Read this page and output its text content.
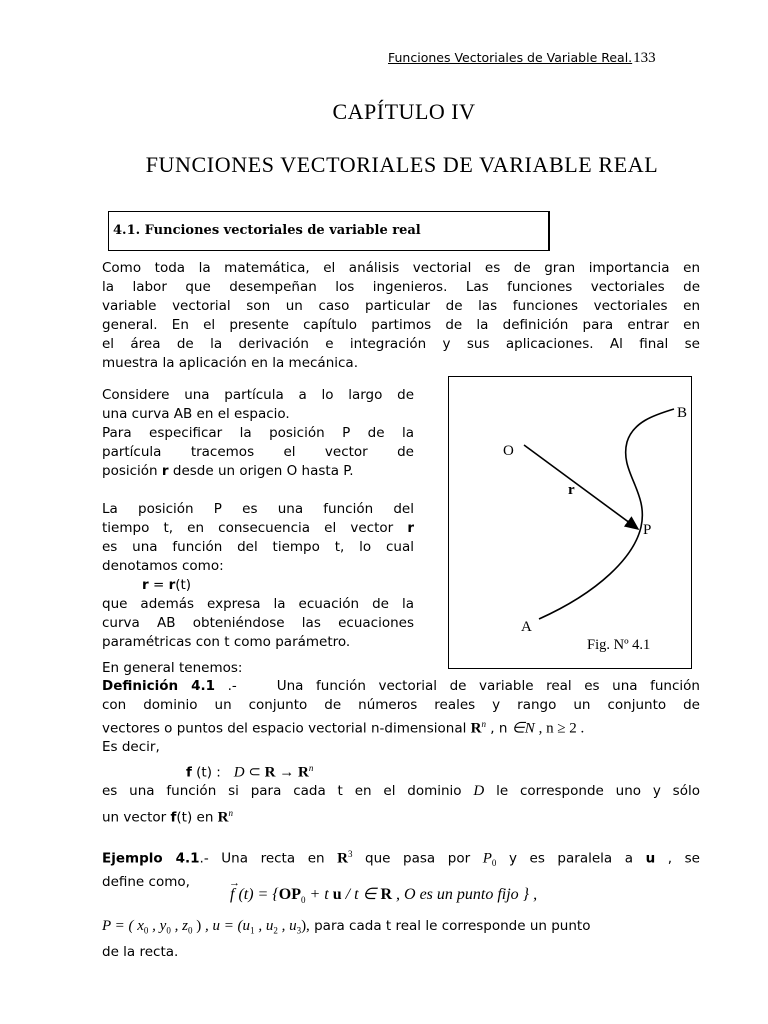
Funciones Vectoriales de Variable Real.133
CAPÍTULO IV
FUNCIONES VECTORIALES DE VARIABLE REAL
4.1. Funciones vectoriales de variable real
Como toda la matemática, el análisis vectorial es de gran importancia en
la labor que desempeñan los ingenieros. Las funciones vectoriales de
variable vectorial son un caso particular de las funciones vectoriales en
general. En el presente capítulo partimos de la definición para entrar en
el área de la derivación e integración y sus aplicaciones. Al final se
muestra la aplicación en la mecánica.
Considere una partícula a lo largo de
una curva AB en el espacio.
Para especificar la posición P de la
partícula tracemos el vector de
posición r desde un origen O hasta P.
La posición P es una función del
tiempo t, en consecuencia el vector r
es una función del tiempo t, lo cual
denotamos como:
r = r(t)
que además expresa la ecuación de la
curva AB obteniéndose las ecuaciones
paramétricas con t como parámetro.
O
B
r
P
A
Fig. Nº 4.1
En general tenemos:
Definición 4.1 .-	Una función vectorial de variable real es una función
con dominio un conjunto de números reales y rango un conjunto de
vectores o puntos del espacio vectorial n-dimensional $R^n$ , n ∈N , n ≥ 2 .
Es decir,
f (t) : D ⊂ $R \to R^n$
es una función si para cada t en el dominio D le corresponde uno y sólo
un vector f(t) en $R^n$
Ejemplo 4.1.- Una recta en $R^3$ que pasa por $P_0$ y es paralela a u , se
define como,
f
→
$(t) = \{OP_0 + t$ u / t ∈ R , O es un punto fijo } ,
P = ( $x_0$ , $y_0$ , $z_0$ ) , $u = (u_1$ , $u_2$ , $u_3$), para cada t real le corresponde un punto
de la recta.
